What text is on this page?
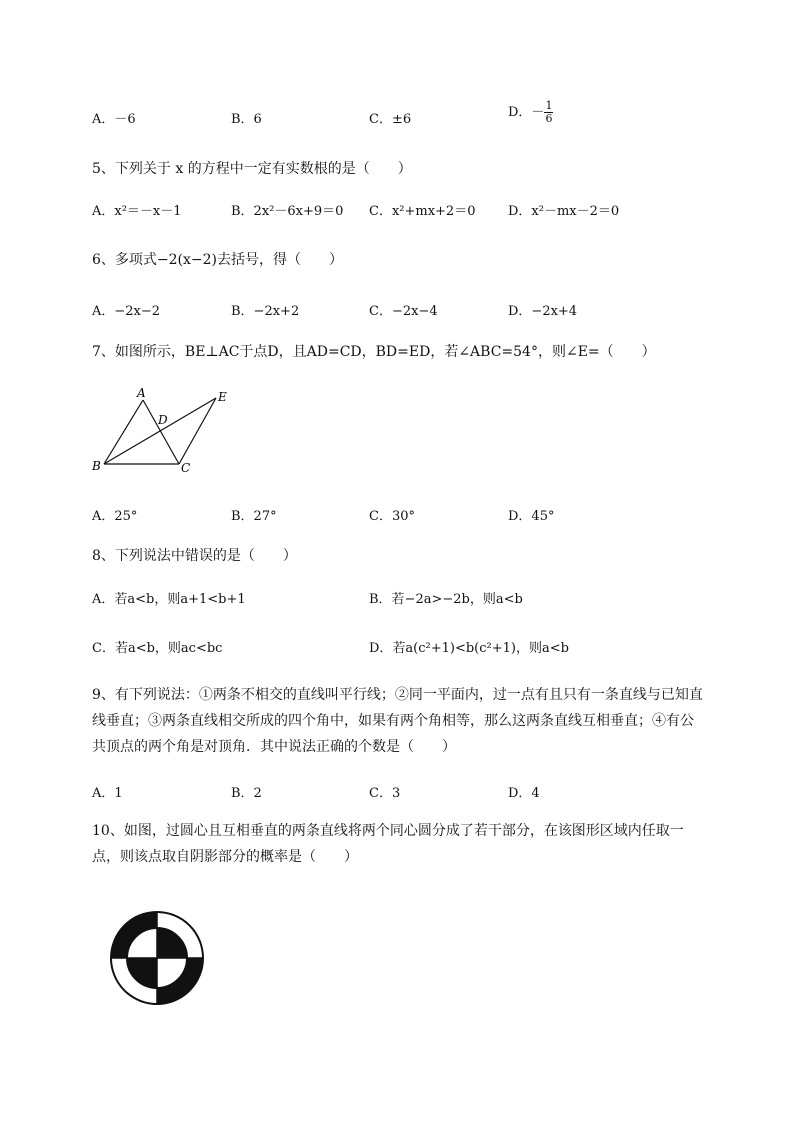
A．－6	B．6	C．±6	D．－ $\frac{1}{6}$
5、下列关于 x 的方程中一定有实数根的是（　　）
A．x²＝－x－1	B．2x²－6x+9＝0 C．x²+mx+2＝0	D．x²－mx－2＝0
6、多项式−2(x−2)去括号，得（　　）
A．−2x−2	B．−2x+2	C．−2x−4	D．−2x+4
7、如图所示，BE⊥AC于点D，且AD=CD，BD=ED，若∠ABC=54°，则∠E=（　　）
A
D
E
B	C
A．25°	B．27°	C．30°	D．45°
8、下列说法中错误的是（　　）
A．若a<b，则a+1<b+1	B．若−2a>−2b，则a<b
C．若a<b，则ac<bc	D．若a(c²+1)<b(c²+1)，则a<b
9、有下列说法：①两条不相交的直线叫平行线；②同一平面内，过一点有且只有一条直线与已知直线垂直；③两条直线相交所成的四个角中，如果有两个角相等，那么这两条直线互相垂直；④有公共顶点的两个角是对顶角．其中说法正确的个数是（　　）
A．1	B．2	C．3	D．4
10、如图，过圆心且互相垂直的两条直线将两个同心圆分成了若干部分，在该图形区域内任取一点，则该点取自阴影部分的概率是（　　）
